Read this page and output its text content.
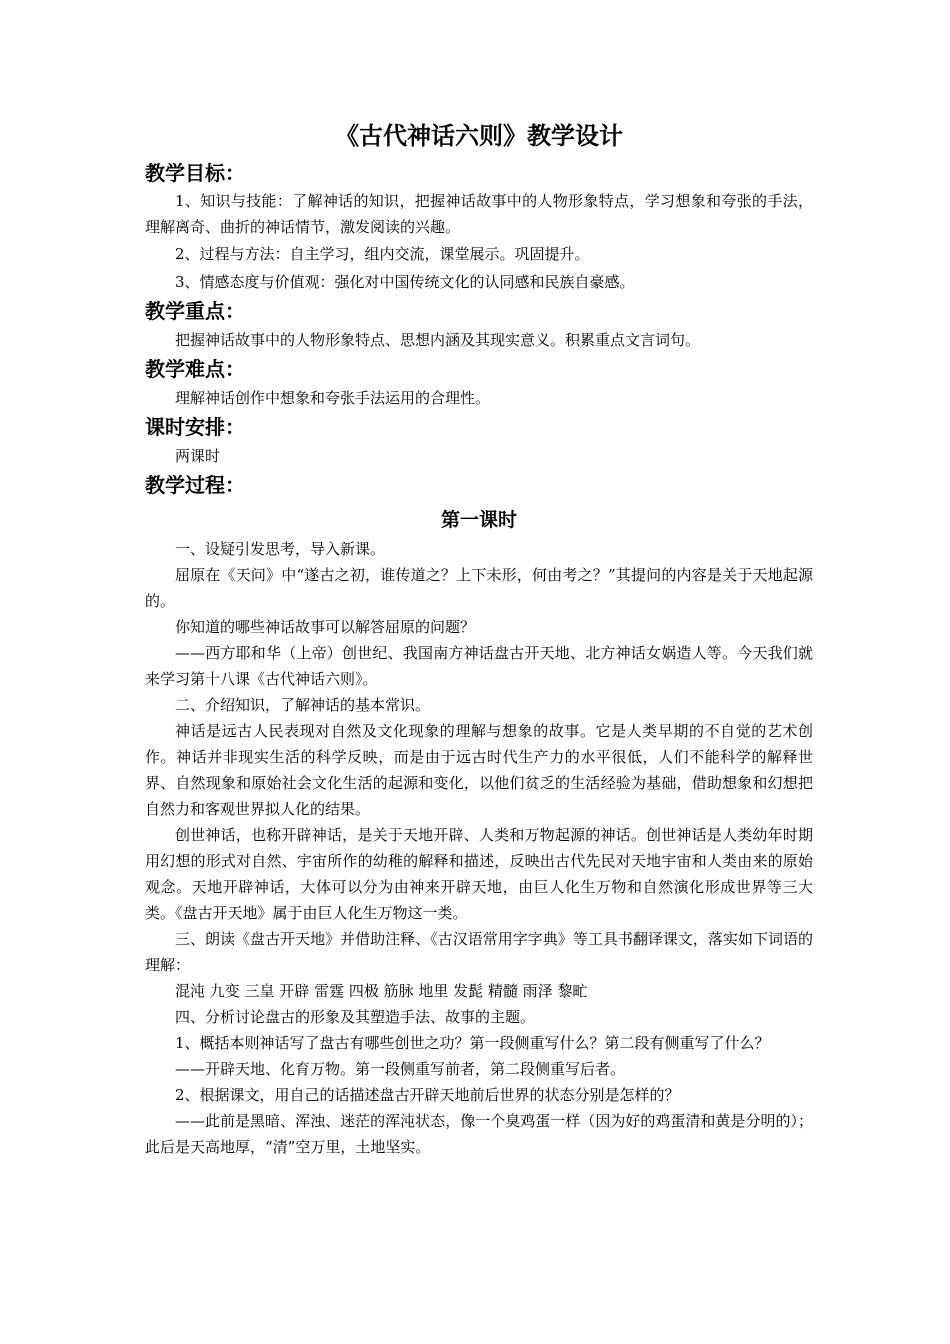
《古代神话六则》教学设计
教学目标：

1、知识与技能：了解神话的知识，把握神话故事中的人物形象特点，学习想象和夸张的手法，理解离奇、曲折的神话情节，激发阅读的兴趣。

2、过程与方法：自主学习，组内交流，课堂展示。巩固提升。

3、情感态度与价值观：强化对中国传统文化的认同感和民族自豪感。

教学重点：

把握神话故事中的人物形象特点、思想内涵及其现实意义。积累重点文言词句。

教学难点：

理解神话创作中想象和夸张手法运用的合理性。

课时安排：

两课时

教学过程：
第一课时

一、设疑引发思考，导入新课。

屈原在《天问》中“遂古之初，谁传道之？上下未形，何由考之？”其提问的内容是关于天地起源的。

你知道的哪些神话故事可以解答屈原的问题？

——西方耶和华（上帝）创世纪、我国南方神话盘古开天地、北方神话女娲造人等。今天我们就来学习第十八课《古代神话六则》。

二、介绍知识，了解神话的基本常识。

神话是远古人民表现对自然及文化现象的理解与想象的故事。它是人类早期的不自觉的艺术创作。神话并非现实生活的科学反映，而是由于远古时代生产力的水平很低，人们不能科学的解释世界、自然现象和原始社会文化生活的起源和变化，以他们贫乏的生活经验为基础，借助想象和幻想把自然力和客观世界拟人化的结果。

创世神话，也称开辟神话，是关于天地开辟、人类和万物起源的神话。创世神话是人类幼年时期用幻想的形式对自然、宇宙所作的幼稚的解释和描述，反映出古代先民对天地宇宙和人类由来的原始观念。天地开辟神话，大体可以分为由神来开辟天地，由巨人化生万物和自然演化形成世界等三大类。《盘古开天地》属于由巨人化生万物这一类。

三、朗读《盘古开天地》并借助注释、《古汉语常用字字典》等工具书翻译课文，落实如下词语的理解：

混沌 九变 三皇 开辟 雷霆 四极 筋脉 地里 发髭 精髓 雨泽 黎甿

四、分析讨论盘古的形象及其塑造手法、故事的主题。

1、概括本则神话写了盘古有哪些创世之功？第一段侧重写什么？第二段有侧重写了什么？

——开辟天地、化育万物。第一段侧重写前者，第二段侧重写后者。

2、根据课文，用自己的话描述盘古开辟天地前后世界的状态分别是怎样的？

——此前是黑暗、浑浊、迷茫的浑沌状态，像一个臭鸡蛋一样（因为好的鸡蛋清和黄是分明的）；此后是天高地厚，“清”空万里，土地坚实。
